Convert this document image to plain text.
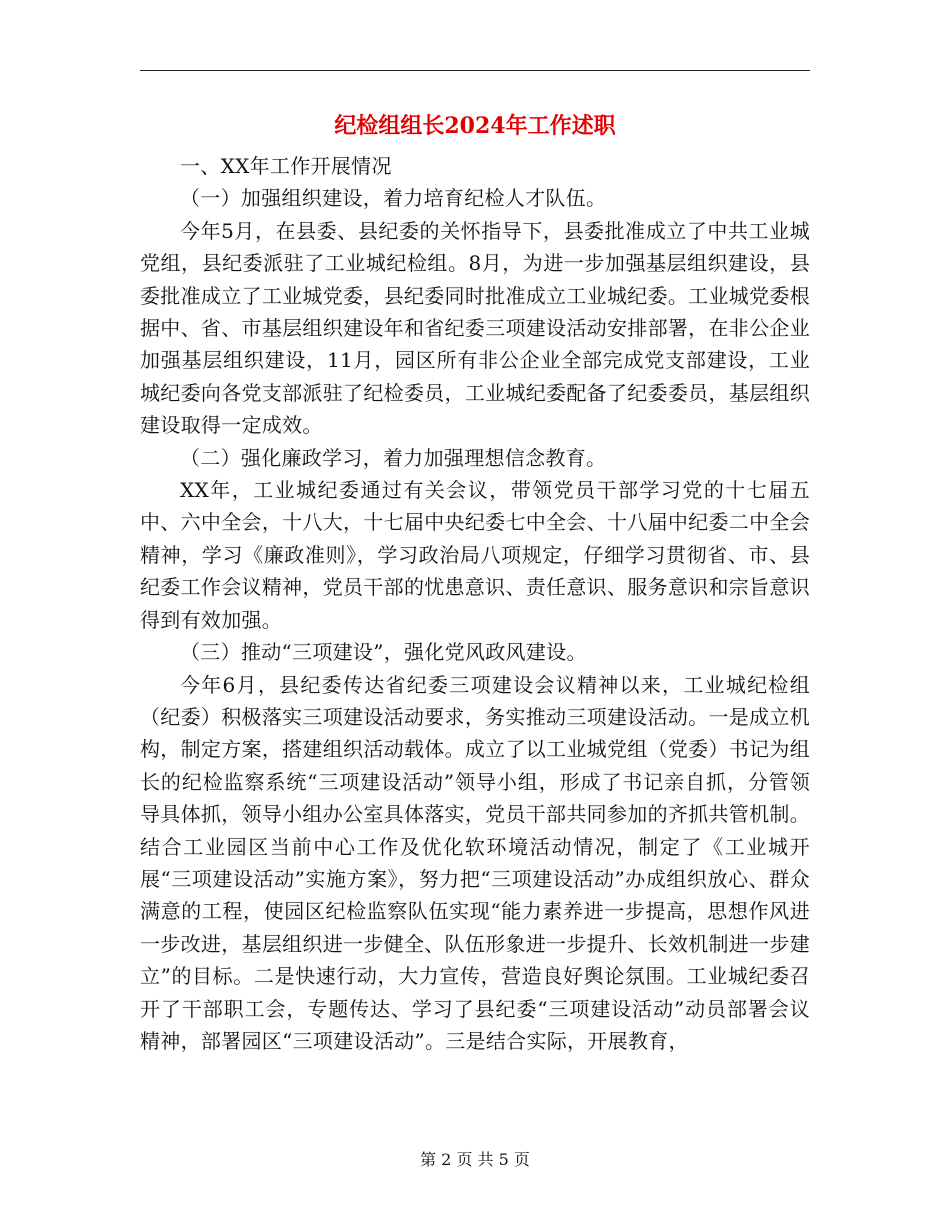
纪检组组长2024年工作述职

一、XX年工作开展情况

（一）加强组织建设，着力培育纪检人才队伍。

今年5月，在县委、县纪委的关怀指导下，县委批准成立了中共工业城党组，县纪委派驻了工业城纪检组。8月，为进一步加强基层组织建设，县委批准成立了工业城党委，县纪委同时批准成立工业城纪委。工业城党委根据中、省、市基层组织建设年和省纪委三项建设活动安排部署，在非公企业加强基层组织建设，11月，园区所有非公企业全部完成党支部建设，工业城纪委向各党支部派驻了纪检委员，工业城纪委配备了纪委委员，基层组织建设取得一定成效。

（二）强化廉政学习，着力加强理想信念教育。

XX年，工业城纪委通过有关会议，带领党员干部学习党的十七届五中、六中全会，十八大，十七届中央纪委七中全会、十八届中纪委二中全会精神，学习《廉政准则》，学习政治局八项规定，仔细学习贯彻省、市、县纪委工作会议精神，党员干部的忧患意识、责任意识、服务意识和宗旨意识得到有效加强。

（三）推动“三项建设”，强化党风政风建设。

今年6月，县纪委传达省纪委三项建设会议精神以来，工业城纪检组（纪委）积极落实三项建设活动要求，务实推动三项建设活动。一是成立机构，制定方案，搭建组织活动载体。成立了以工业城党组（党委）书记为组长的纪检监察系统“三项建设活动”领导小组，形成了书记亲自抓，分管领导具体抓，领导小组办公室具体落实，党员干部共同参加的齐抓共管机制。结合工业园区当前中心工作及优化软环境活动情况，制定了《工业城开展“三项建设活动”实施方案》，努力把“三项建设活动”办成组织放心、群众满意的工程，使园区纪检监察队伍实现“能力素养进一步提高，思想作风进一步改进，基层组织进一步健全、队伍形象进一步提升、长效机制进一步建立”的目标。二是快速行动，大力宣传，营造良好舆论氛围。工业城纪委召开了干部职工会，专题传达、学习了县纪委“三项建设活动”动员部署会议精神，部署园区“三项建设活动”。三是结合实际，开展教育，

第 2 页 共 5 页
